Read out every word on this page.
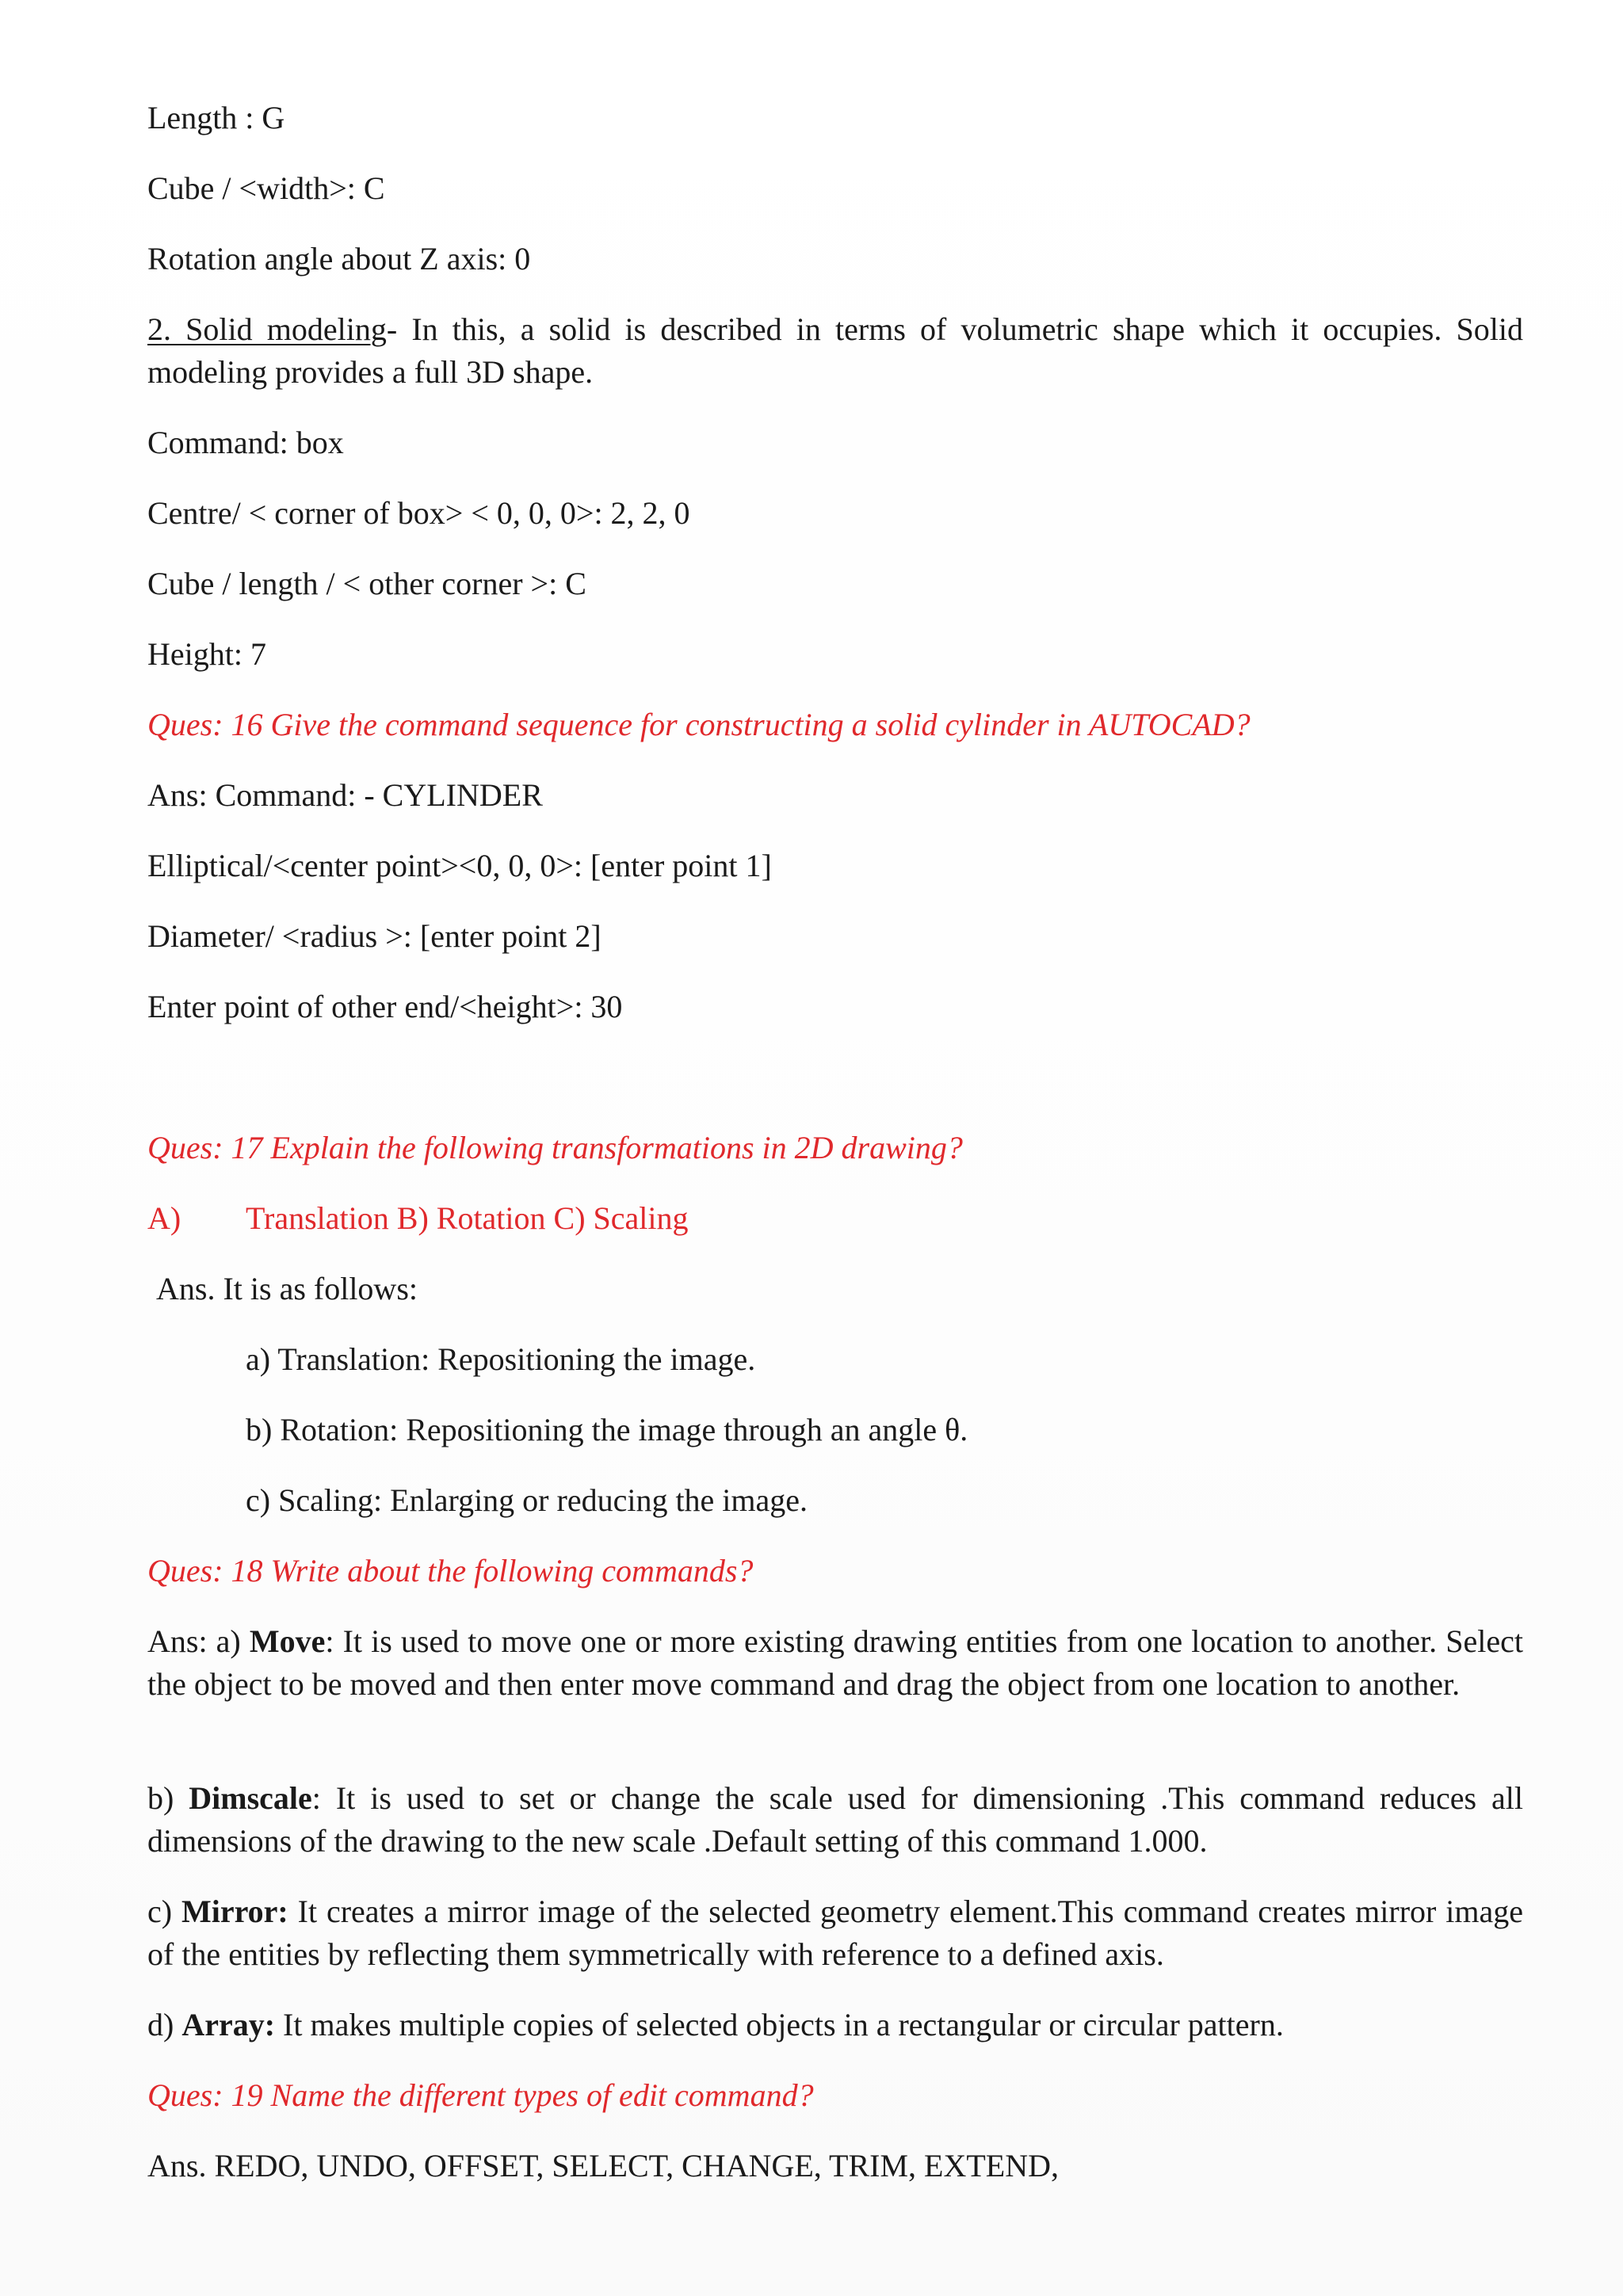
Length : G
Cube / <width>: C
Rotation angle about Z axis: 0
2. Solid modeling- In this, a solid is described in terms of volumetric shape which it occupies. Solid modeling provides a full 3D shape.
Command: box
Centre/ < corner of box> < 0, 0, 0>: 2, 2, 0
Cube / length / < other corner >: C
Height: 7
Ques: 16 Give the command sequence for constructing a solid cylinder in AUTOCAD?
Ans: Command: - CYLINDER
Elliptical/<center point><0, 0, 0>: [enter point 1]
Diameter/ <radius >: [enter point 2]
Enter point of other end/<height>: 30
Ques: 17 Explain the following transformations in 2D drawing?
A) Translation B) Rotation C) Scaling
Ans. It is as follows:
a) Translation: Repositioning the image.
b) Rotation: Repositioning the image through an angle θ.
c) Scaling: Enlarging or reducing the image.
Ques: 18 Write about the following commands?
Ans: a) Move: It is used to move one or more existing drawing entities from one location to another. Select the object to be moved and then enter move command and drag the object from one location to another.
b) Dimscale: It is used to set or change the scale used for dimensioning .This command reduces all dimensions of the drawing to the new scale .Default setting of this command 1.000.
c) Mirror: It creates a mirror image of the selected geometry element.This command creates mirror image of the entities by reflecting them symmetrically with reference to a defined axis.
d) Array: It makes multiple copies of selected objects in a rectangular or circular pattern.
Ques: 19 Name the different types of edit command?
Ans. REDO, UNDO, OFFSET, SELECT, CHANGE, TRIM, EXTEND,
